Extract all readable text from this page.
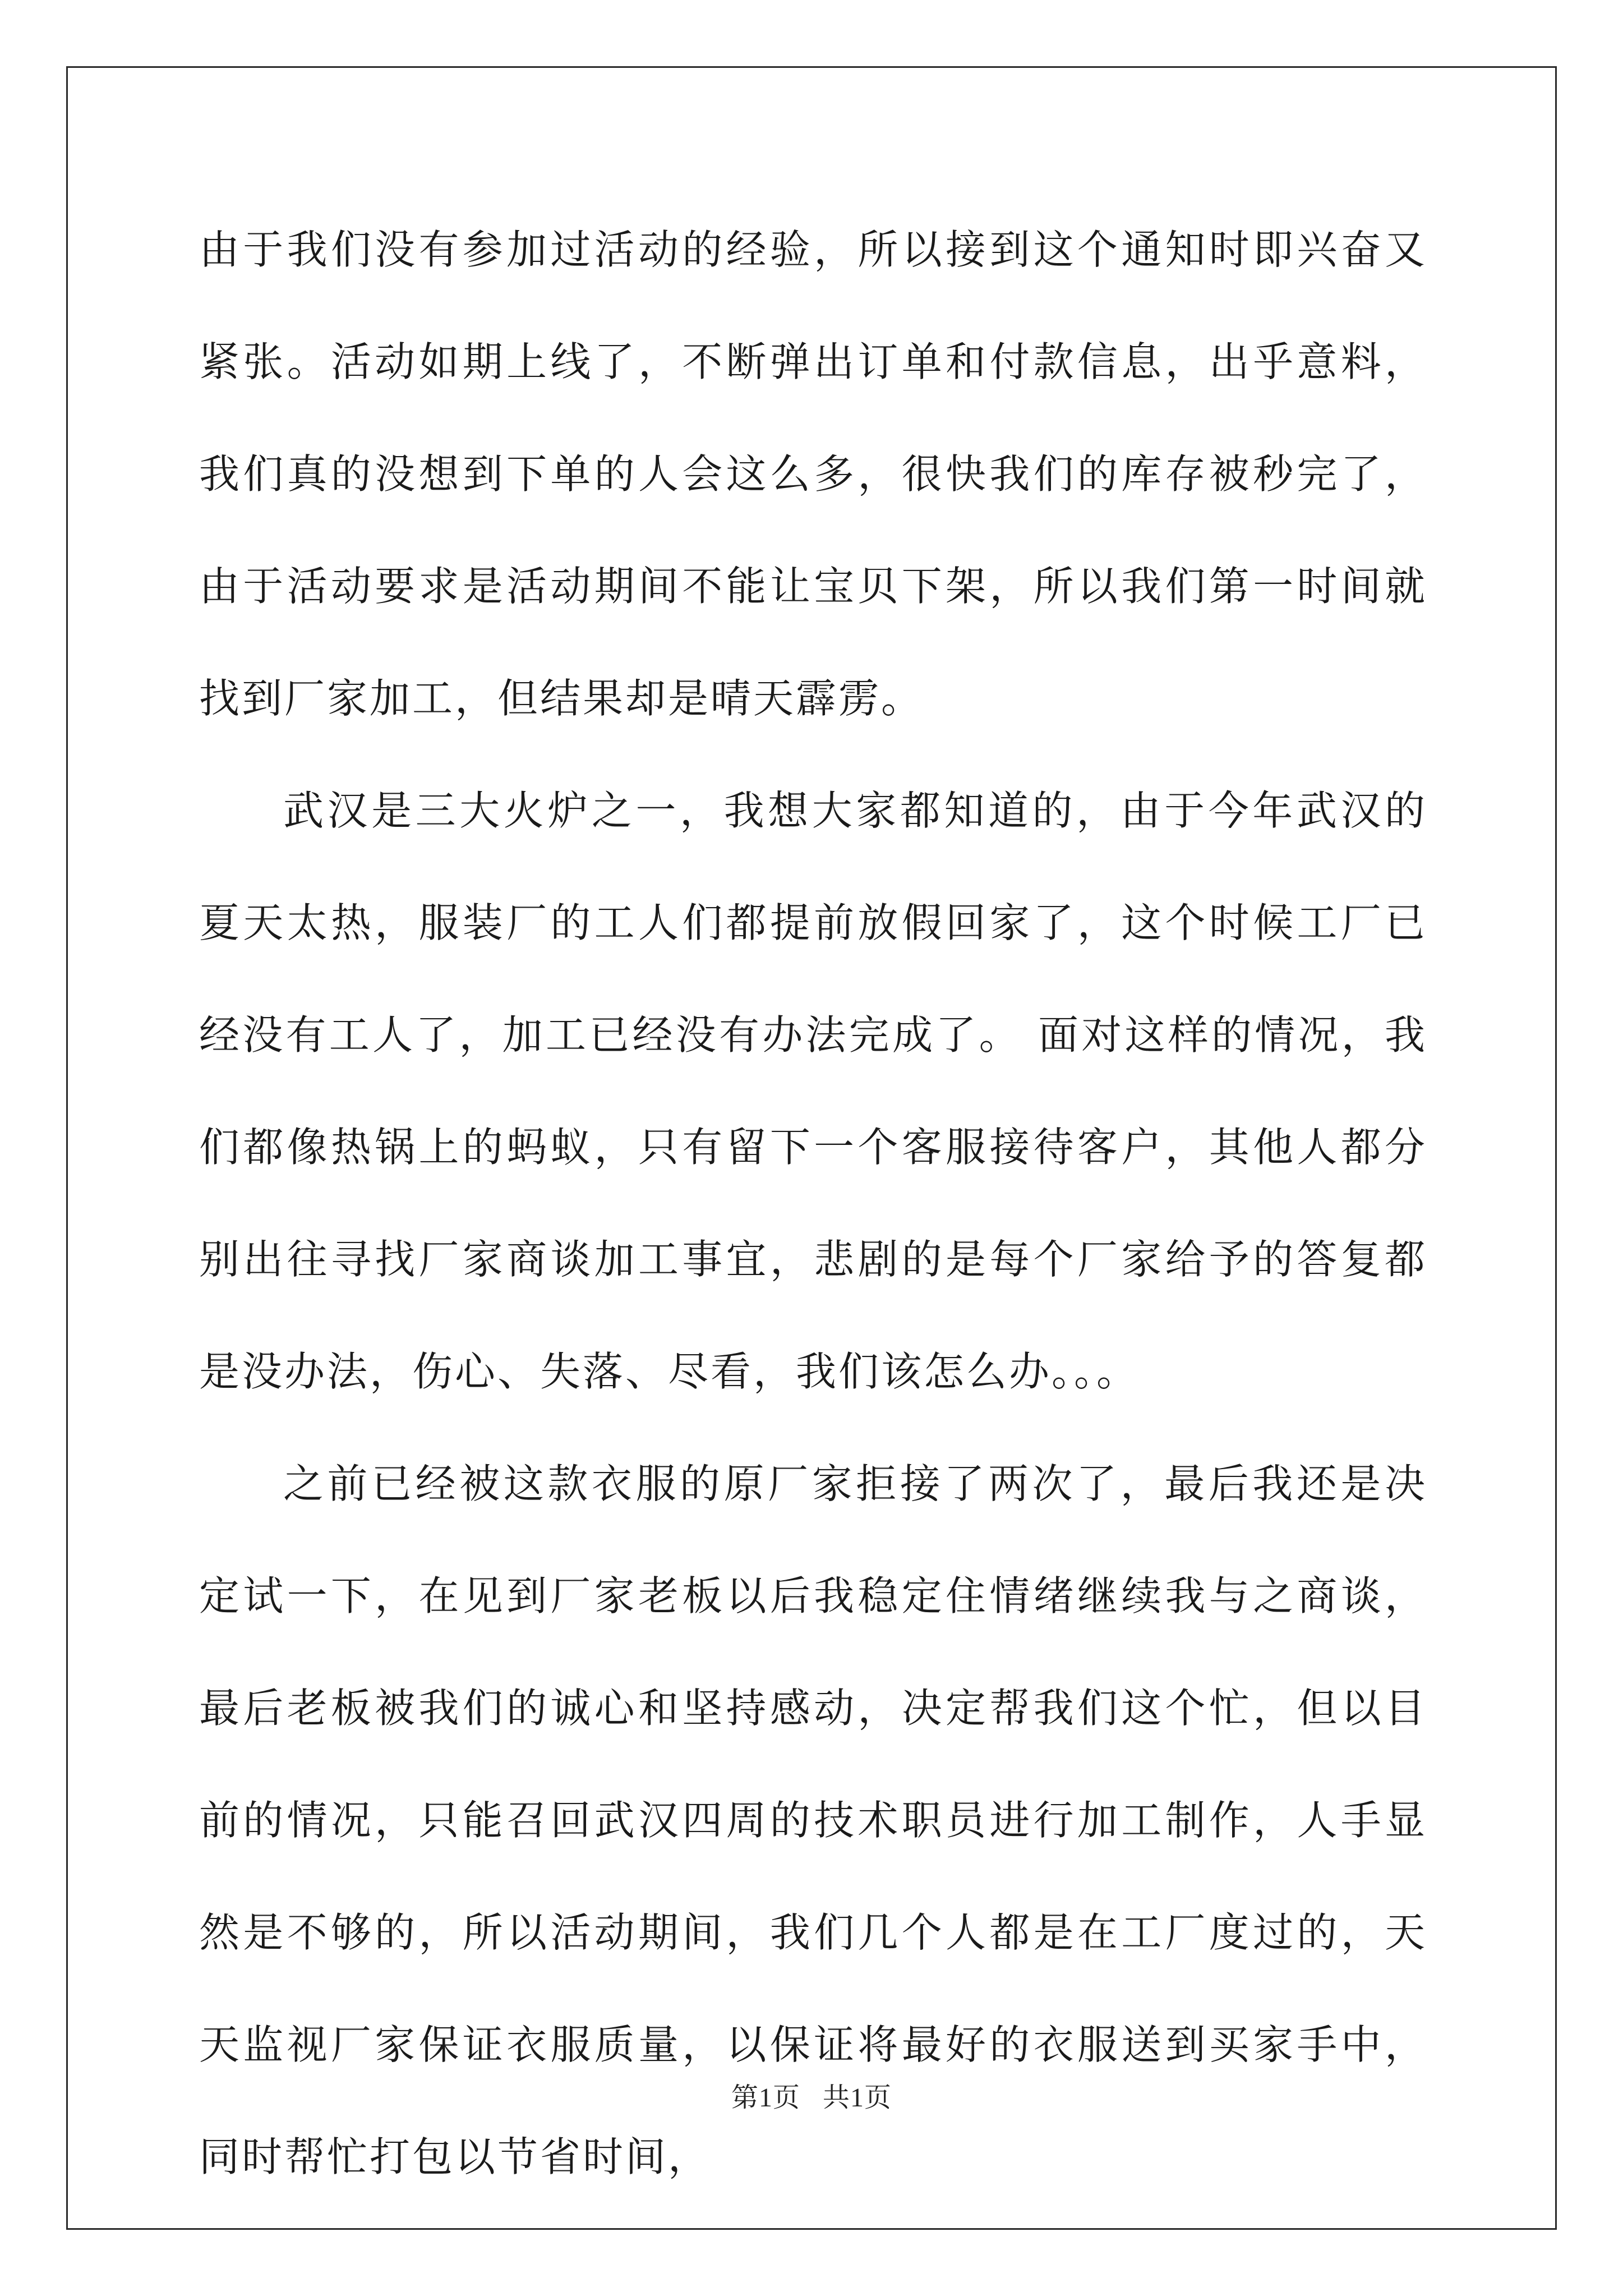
由于我们没有参加过活动的经验，所以接到这个通知时即兴奋又紧张。活动如期上线了，不断弹出订单和付款信息，出乎意料，我们真的没想到下单的人会这么多，很快我们的库存被秒完了，由于活动要求是活动期间不能让宝贝下架，所以我们第一时间就找到厂家加工，但结果却是晴天霹雳。

武汉是三大火炉之一，我想大家都知道的，由于今年武汉的夏天太热，服装厂的工人们都提前放假回家了，这个时候工厂已经没有工人了，加工已经没有办法完成了。 面对这样的情况，我们都像热锅上的蚂蚁，只有留下一个客服接待客户，其他人都分别出往寻找厂家商谈加工事宜，悲剧的是每个厂家给予的答复都是没办法，伤心、失落、尽看，我们该怎么办。。。

之前已经被这款衣服的原厂家拒接了两次了，最后我还是决定试一下，在见到厂家老板以后我稳定住情绪继续我与之商谈，最后老板被我们的诚心和坚持感动，决定帮我们这个忙，但以目前的情况，只能召回武汉四周的技术职员进行加工制作，人手显然是不够的，所以活动期间，我们几个人都是在工厂度过的，天天监视厂家保证衣服质量，以保证将最好的衣服送到买家手中，同时帮忙打包以节省时间，

第1页 共1页
